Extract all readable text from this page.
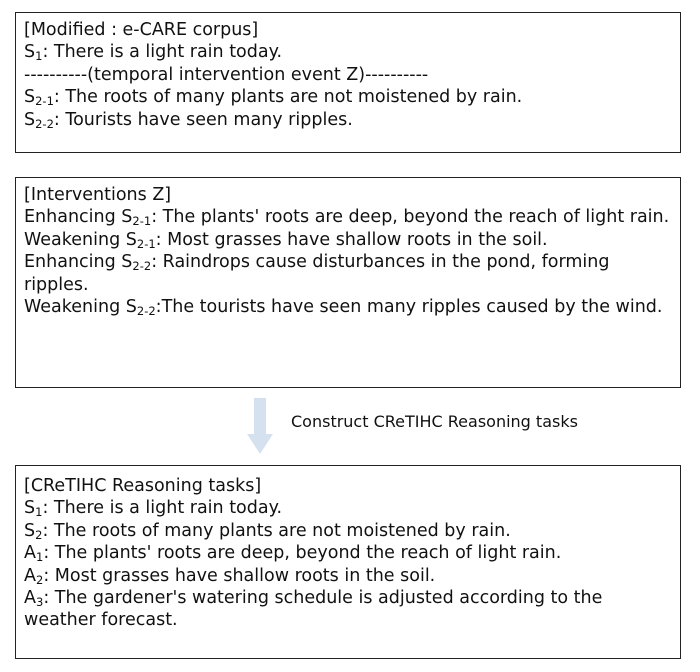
[Modified : e-CARE corpus]
$S_1$: There is a light rain today.
----------(temporal intervention event Z)----------
$S_{2-1}$: The roots of many plants are not moistened by rain.
$S_{2-2}$: Tourists have seen many ripples.
[Interventions Z]
Enhancing $S_{2-1}$: The plants' roots are deep, beyond the reach of light rain.
Weakening $S_{2-1}$: Most grasses have shallow roots in the soil.
Enhancing $S_{2-2}$: Raindrops cause disturbances in the pond, forming ripples.
Weakening $S_{2-2}:The$ tourists have seen many ripples caused by the wind.
Construct CReTIHC Reasoning tasks
[CReTIHC Reasoning tasks]
$S_1$: There is a light rain today.
$S_2$: The roots of many plants are not moistened by rain.
$A_1$: The plants' roots are deep, beyond the reach of light rain.
$A_2$: Most grasses have shallow roots in the soil.
$A_3$: The gardener's watering schedule is adjusted according to the weather forecast.
